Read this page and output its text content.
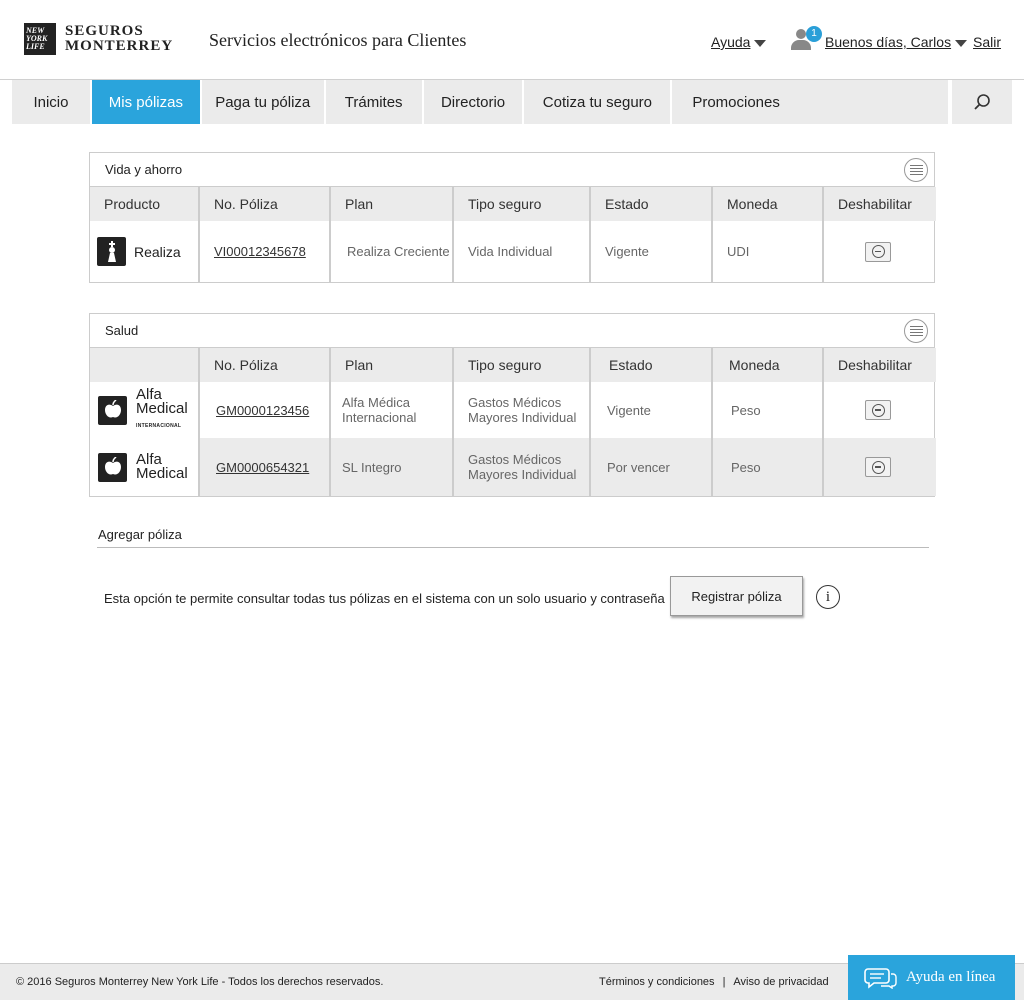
NEW YORK LIFE
SEGUROS
MONTERREY Servicios electrónicos para Clientes	Ayuda
1
Buenos días, Carlos Salir
Inicio	Mis pólizas	Paga tu póliza	Trámites	Directorio	Cotiza tu seguro	Promociones
Vida y ahorro
Producto	No. Póliza	Plan	Tipo seguro	Estado	Moneda	Deshabilitar

Realiza	VI00012345678	Realiza Creciente	Vida Individual	Vigente	UDI	
Salud
	No. Póliza	Plan	Tipo seguro	Estado	Moneda	Deshabilitar

Alfa
Medical
INTERNACIONAL	GM0000123456	Alfa Médica Internacional	Gastos Médicos Mayores Individual	Vigente	Peso	

Alfa
Medical	GM0000654321	SL Integro	Gastos Médicos Mayores Individual	Por vencer	Peso	
Agregar póliza
Esta opción te permite consultar todas tus pólizas en el sistema con un solo usuario y contraseña	Registrar póliza	i
© 2016 Seguros Monterrey New York Life - Todos los derechos reservados.	Términos y condiciones | Aviso de privacidad	Ayuda en línea
